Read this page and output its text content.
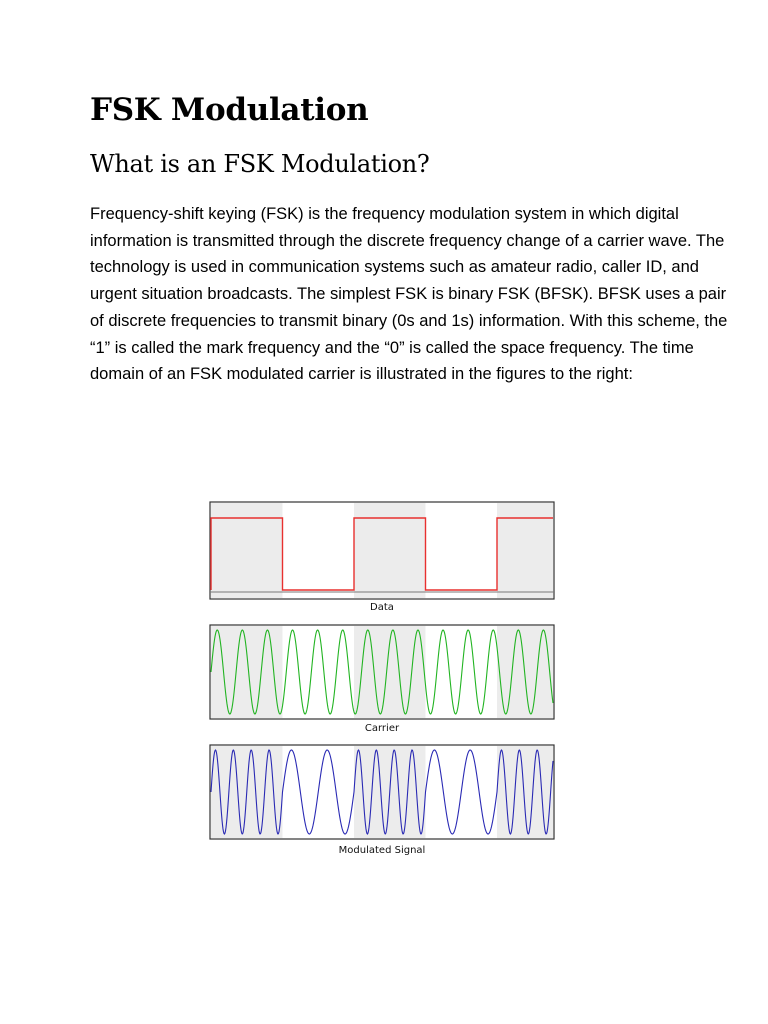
FSK Modulation
What is an FSK Modulation?

Frequency-shift keying (FSK) is the frequency modulation system in which digital information is transmitted through the discrete frequency change of a carrier wave. The technology is used in communication systems such as amateur radio, caller ID, and urgent situation broadcasts. The simplest FSK is binary FSK (BFSK). BFSK uses a pair of discrete frequencies to transmit binary (0s and 1s) information. With this scheme, the “1” is called the mark frequency and the “0” is called the space frequency. The time domain of an FSK modulated carrier is illustrated in the figures to the right:

Data
Carrier
Modulated Signal
